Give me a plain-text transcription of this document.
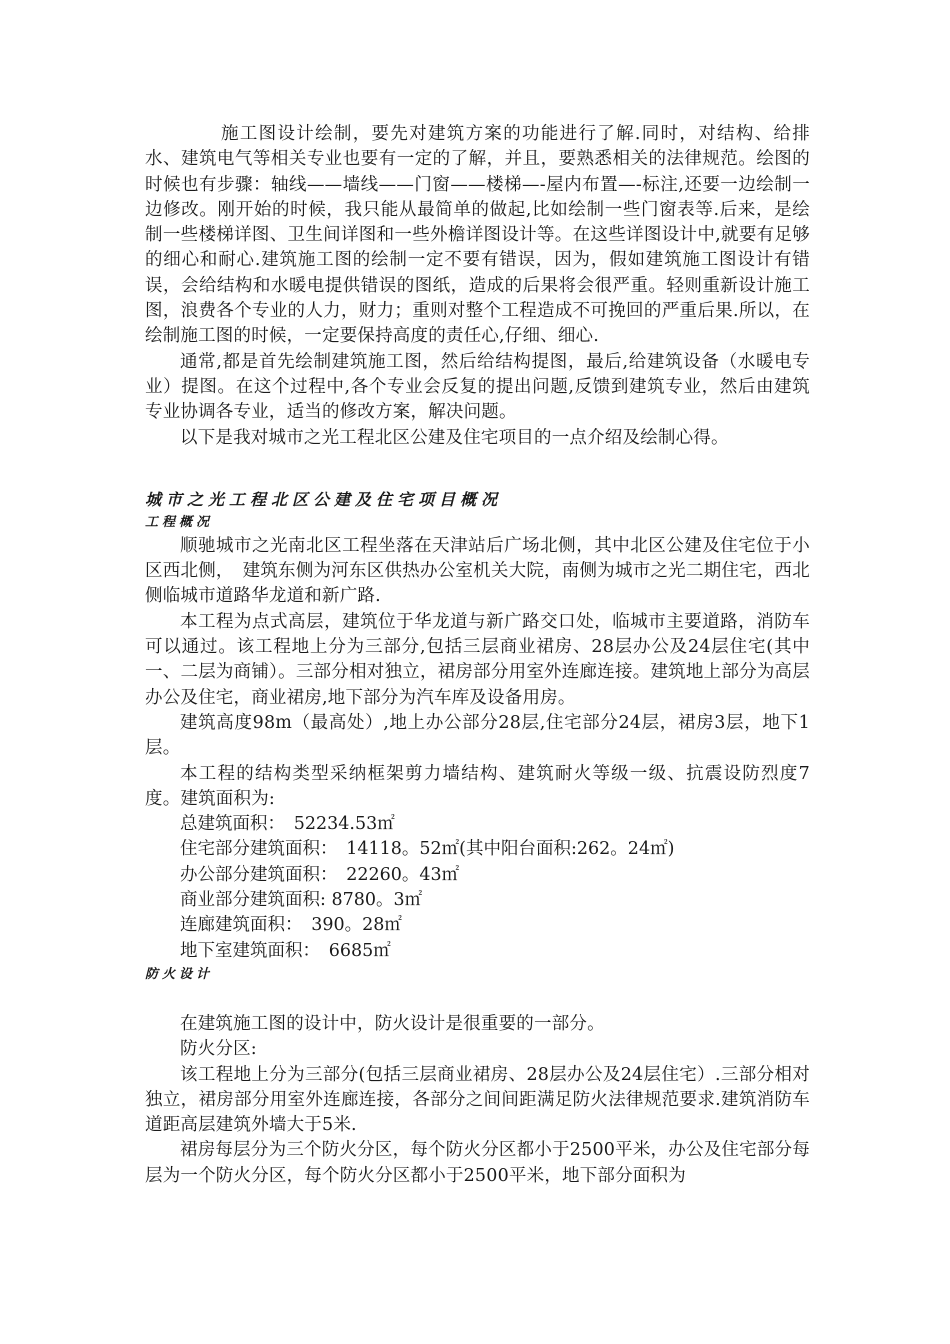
施工图设计绘制，要先对建筑方案的功能进行了解.同时，对结构、给排水、建筑电气等相关专业也要有一定的了解，并且，要熟悉相关的法律规范。绘图的时候也有步骤：轴线——墙线——门窗——楼梯—-屋内布置—-标注,还要一边绘制一边修改。刚开始的时候，我只能从最简单的做起,比如绘制一些门窗表等.后来，是绘制一些楼梯详图、卫生间详图和一些外檐详图设计等。在这些详图设计中,就要有足够的细心和耐心.建筑施工图的绘制一定不要有错误，因为，假如建筑施工图设计有错误，会给结构和水暖电提供错误的图纸，造成的后果将会很严重。轻则重新设计施工图，浪费各个专业的人力，财力；重则对整个工程造成不可挽回的严重后果.所以，在绘制施工图的时候，一定要保持高度的责任心,仔细、细心.

通常,都是首先绘制建筑施工图，然后给结构提图，最后,给建筑设备（水暖电专业）提图。在这个过程中,各个专业会反复的提出问题,反馈到建筑专业，然后由建筑专业协调各专业，适当的修改方案，解决问题。

以下是我对城市之光工程北区公建及住宅项目的一点介绍及绘制心得。

城市之光工程北区公建及住宅项目概况
工程概况

顺驰城市之光南北区工程坐落在天津站后广场北侧，其中北区公建及住宅位于小区西北侧，　建筑东侧为河东区供热办公室机关大院，南侧为城市之光二期住宅，西北侧临城市道路华龙道和新广路.

本工程为点式高层，建筑位于华龙道与新广路交口处，临城市主要道路，消防车可以通过。该工程地上分为三部分,包括三层商业裙房、28层办公及24层住宅(其中一、二层为商铺）。三部分相对独立，裙房部分用室外连廊连接。建筑地上部分为高层办公及住宅，商业裙房,地下部分为汽车库及设备用房。

建筑高度98m（最高处）,地上办公部分28层,住宅部分24层，裙房3层，地下1层。

本工程的结构类型采纳框架剪力墙结构、建筑耐火等级一级、抗震设防烈度7度。建筑面积为:

总建筑面积：　52234.53㎡

住宅部分建筑面积：　14118。52㎡(其中阳台面积:262。24㎡)

办公部分建筑面积：　22260。43㎡

商业部分建筑面积: 8780。3㎡

连廊建筑面积：　390。28㎡

地下室建筑面积：　6685㎡

防火设计

在建筑施工图的设计中，防火设计是很重要的一部分。

防火分区:

该工程地上分为三部分(包括三层商业裙房、28层办公及24层住宅）.三部分相对独立，裙房部分用室外连廊连接，各部分之间间距满足防火法律规范要求.建筑消防车道距高层建筑外墙大于5米.

裙房每层分为三个防火分区，每个防火分区都小于2500平米，办公及住宅部分每层为一个防火分区，每个防火分区都小于2500平米，地下部分面积为
